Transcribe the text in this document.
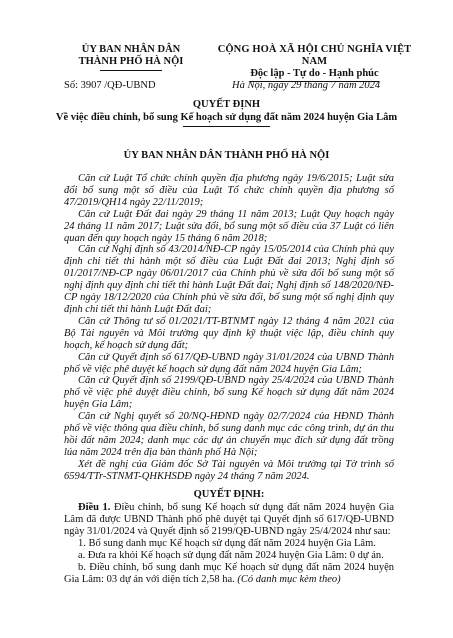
ỦY BAN NHÂN DÂN
THÀNH PHỐ HÀ NỘI
CỘNG HOÀ XÃ HỘI CHỦ NGHĨA VIỆT NAM
Độc lập - Tự do - Hạnh phúc
Số: 3907 /QĐ-UBND	Hà Nội, ngày 29 tháng 7 năm 2024
QUYẾT ĐỊNH
Về việc điều chỉnh, bổ sung Kế hoạch sử dụng đất năm 2024 huyện Gia Lâm
ỦY BAN NHÂN DÂN THÀNH PHỐ HÀ NỘI

Căn cứ Luật Tổ chức chính quyền địa phương ngày 19/6/2015; Luật sửa đổi bổ sung một số điều của Luật Tổ chức chính quyền địa phương số 47/2019/QH14 ngày 22/11/2019;

Căn cứ Luật Đất đai ngày 29 tháng 11 năm 2013; Luật Quy hoạch ngày 24 tháng 11 năm 2017; Luật sửa đổi, bổ sung một số điều của 37 Luật có liên quan đến quy hoạch ngày 15 tháng 6 năm 2018;

Căn cứ Nghị định số 43/2014/NĐ-CP ngày 15/05/2014 của Chính phủ quy định chi tiết thi hành một số điều của Luật Đất đai 2013; Nghị định số 01/2017/NĐ-CP ngày 06/01/2017 của Chính phủ về sửa đổi bổ sung một số nghị định quy định chi tiết thi hành Luật Đất đai; Nghị định số 148/2020/NĐ-CP ngày 18/12/2020 của Chính phủ về sửa đổi, bổ sung một số nghị định quy định chi tiết thi hành Luật Đất đai;

Căn cứ Thông tư số 01/2021/TT-BTNMT ngày 12 tháng 4 năm 2021 của Bộ Tài nguyên và Môi trường quy định kỹ thuật việc lập, điều chỉnh quy hoạch, kế hoạch sử dụng đất;

Căn cứ Quyết định số 617/QĐ-UBND ngày 31/01/2024 của UBND Thành phố về việc phê duyệt kế hoạch sử dụng đất năm 2024 huyện Gia Lâm;

Căn cứ Quyết định số 2199/QĐ-UBND ngày 25/4/2024 của UBND Thành phố về việc phê duyệt điều chỉnh, bổ sung Kế hoạch sử dụng đất năm 2024 huyện Gia Lâm;

Căn cứ Nghị quyết số 20/NQ-HĐND ngày 02/7/2024 của HĐND Thành phố về việc thông qua điều chỉnh, bổ sung danh mục các công trình, dự án thu hồi đất năm 2024; danh mục các dự án chuyển mục đích sử dụng đất trồng lúa năm 2024 trên địa bàn thành phố Hà Nội;

Xét đề nghị của Giám đốc Sở Tài nguyên và Môi trường tại Tờ trình số 6594/TTr-STNMT-QHKHSDĐ ngày 24 tháng 7 năm 2024.

QUYẾT ĐỊNH:

Điều 1. Điều chỉnh, bổ sung Kế hoạch sử dụng đất năm 2024 huyện Gia Lâm đã được UBND Thành phố phê duyệt tại Quyết định số 617/QĐ-UBND ngày 31/01/2024 và Quyết định số 2199/QĐ-UBND ngày 25/4/2024 như sau:

1. Bổ sung danh mục Kế hoạch sử dụng đất năm 2024 huyện Gia Lâm.

a. Đưa ra khỏi Kế hoạch sử dụng đất năm 2024 huyện Gia Lâm: 0 dự án.

b. Điều chỉnh, bổ sung danh mục Kế hoạch sử dụng đất năm 2024 huyện Gia Lâm: 03 dự án với diện tích 2,58 ha. (Có danh mục kèm theo)
